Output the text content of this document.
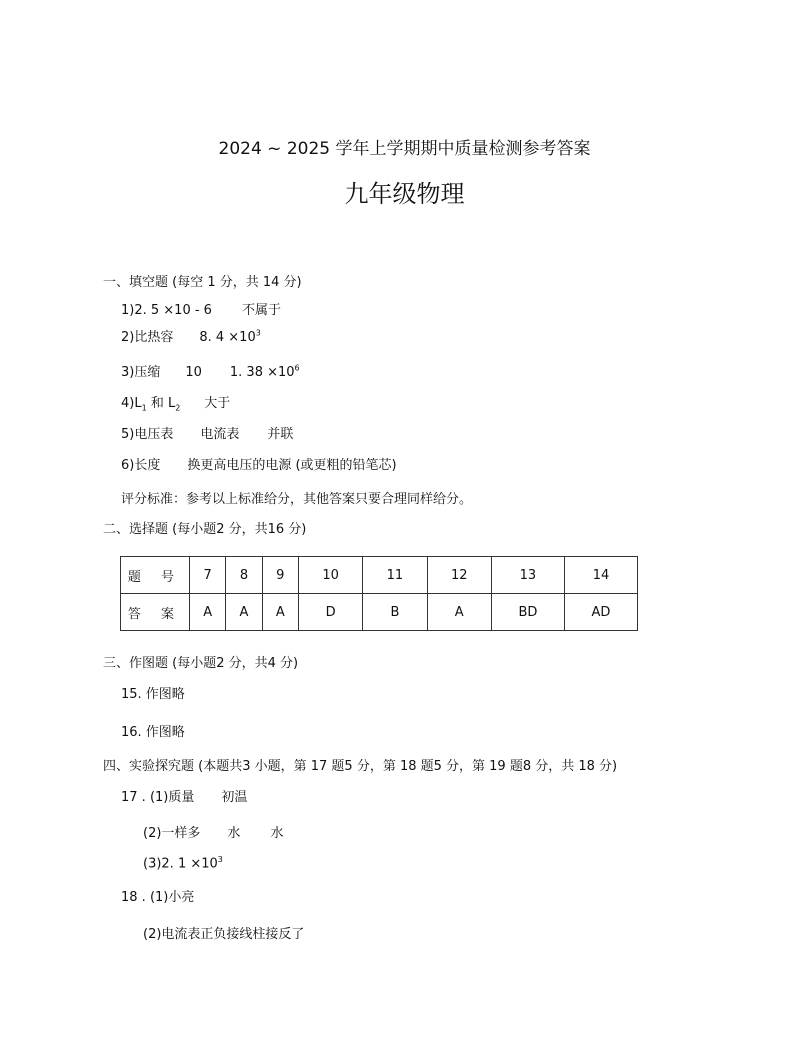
2024 ~ 2025 学年上学期期中质量检测参考答案
九年级物理
一、填空题 (每空 1 分，共 14 分)
1)2. 5 ×10 - 6 不属于
2)比热容 8. $4 \times 10^3$
3)压缩 10 1. $38 \times 10^6$
$4)L_1$ 和 $L_2$ 大于
5)电压表 电流表 并联
6)长度 换更高电压的电源 (或更粗的铅笔芯)
评分标准：参考以上标准给分，其他答案只要合理同样给分。
二、选择题 (每小题2 分，共16 分)
题 号	7	8	9	10	11	12	13	14
答 案	A	A	A	D	B	A	BD	AD
三、作图题 (每小题2 分，共4 分)
15. 作图略
16. 作图略
四、实验探究题 (本题共3 小题，第 17 题5 分，第 18 题5 分，第 19 题8 分，共 18 分)
17 . (1)质量 初温
(2)一样多 水 水
(3)2. $1 \times 10^3$
18 . (1)小亮
(2)电流表正负接线柱接反了
